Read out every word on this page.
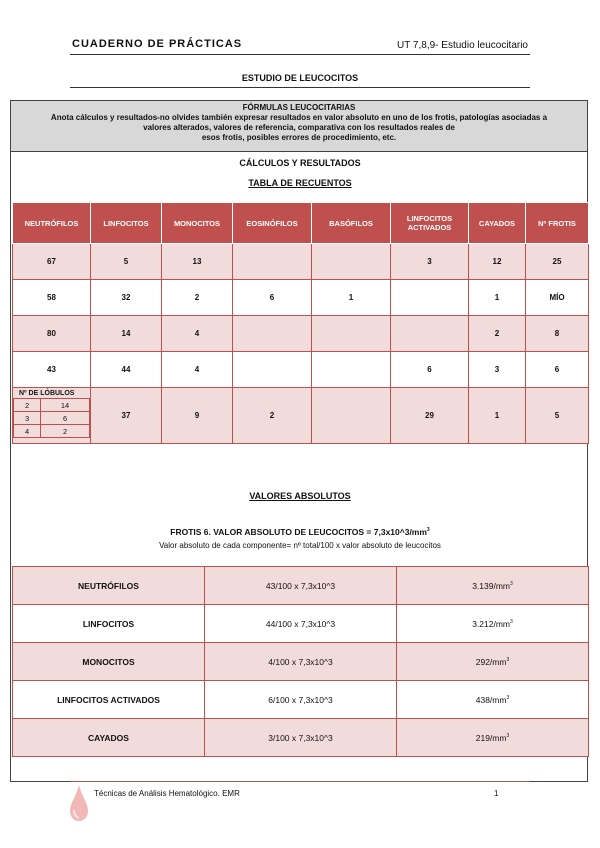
CUADERNO DE PRÁCTICAS	UT 7,8,9- Estudio leucocitario
ESTUDIO DE LEUCOCITOS
FÓRMULAS LEUCOCITARIAS
Anota cálculos y resultados-no olvides también expresar resultados en valor absoluto en uno de los frotis, patologías asociadas a
valores alterados, valores de referencia, comparativa con los resultados reales de
esos frotis, posibles errores de procedimiento, etc.
CÁLCULOS Y RESULTADOS
TABLA DE RECUENTOS
NEUTRÓFILOS	LINFOCITOS	MONOCITOS	EOSINÓFILOS	BASÓFILOS	LINFOCITOS ACTIVADOS	CAYADOS	Nº FROTIS
67	5	13			3	12	25
58	32	2	6	1		1	MÍO
80	14	4				2	8
43	44	4			6	3	6

Nº DE LÓBULOS
2	14
3	6
4	2
	37	9	2		29	1	5
VALORES ABSOLUTOS
FROTIS 6. VALOR ABSOLUTO DE LEUCOCITOS = $7,3x10\^{}3/mm^3$
Valor absoluto de cada componente= nº total/100 x valor absoluto de leucocitos
NEUTRÓFILOS	43/100 x 7,3x10^3	$3.139/mm^3$
LINFOCITOS	44/100 x 7,3x10^3	$3.212/mm^3$
MONOCITOS	4/100 x 7,3x10^3	$292/mm^3$
LINFOCITOS ACTIVADOS	6/100 x 7,3x10^3	$438/mm^3$
CAYADOS	3/100 x 7,3x10^3	$219/mm^3$
Técnicas de Análisis Hematológico. EMR	1
